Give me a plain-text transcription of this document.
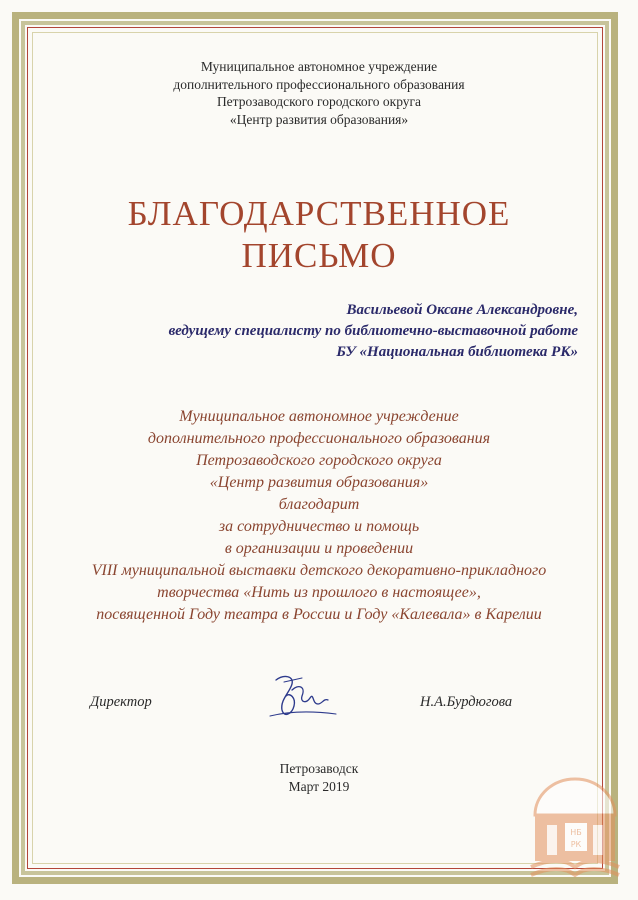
Муниципальное автономное учреждение
дополнительного профессионального образования
Петрозаводского городского округа
«Центр развития образования»
БЛАГОДАРСТВЕННОЕ
ПИСЬМО
Васильевой Оксане Александровне,
ведущему специалисту по библиотечно-выставочной работе
БУ «Национальная библиотека РК»
Муниципальное автономное учреждение
дополнительного профессионального образования
Петрозаводского городского округа
«Центр развития образования»
благодарит
за сотрудничество и помощь
в организации и проведении
VIII муниципальной выставки детского декоративно-прикладного
творчества «Нить из прошлого в настоящее»,
посвященной Году театра в России и Году «Калевала» в Карелии
Директор	Н.А.Бурдюгова
Петрозаводск
Март 2019
НБ
РК
